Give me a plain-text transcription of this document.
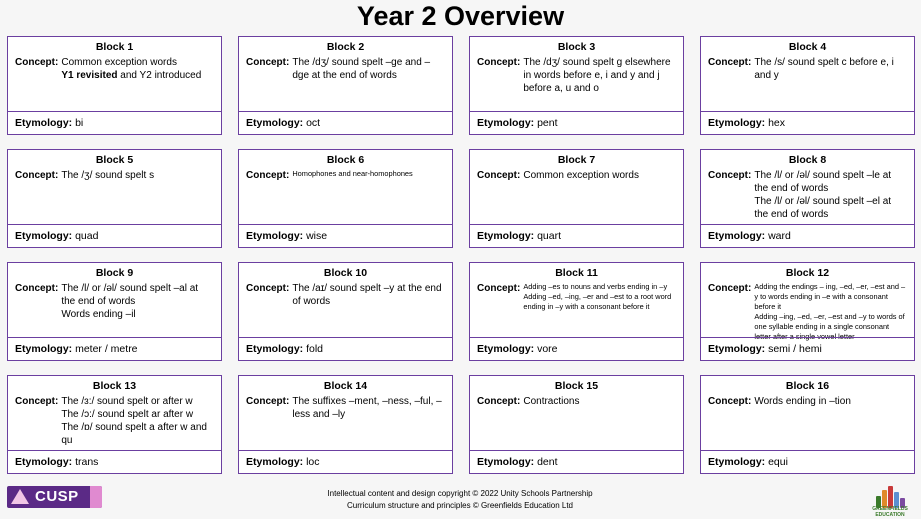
Year 2 Overview
Block 1
Concept: Common exception words
Y1 revisited and Y2 introduced
Etymology: bi
Block 2
Concept: The /dʒ/ sound spelt –ge and –dge at the end of words
Etymology: oct
Block 3
Concept: The /dʒ/ sound spelt g elsewhere in words before e, i and y and j before a, u and o
Etymology: pent
Block 4
Concept: The /s/ sound spelt c before e, i and y
Etymology: hex
Block 5
Concept: The /ʒ/ sound spelt s
Etymology: quad
Block 6
Concept: Homophones and near-homophones
Etymology: wise
Block 7
Concept: Common exception words
Etymology: quart
Block 8
Concept: The /l/ or /əl/ sound spelt –le at the end of words
The /l/ or /əl/ sound spelt –el at the end of words
Etymology: ward
Block 9
Concept: The /l/ or /əl/ sound spelt –al at the end of words
Words ending –il
Etymology: meter / metre
Block 10
Concept: The /aɪ/ sound spelt –y at the end of words
Etymology: fold
Block 11
Concept: Adding –es to nouns and verbs ending in –y
Adding –ed, –ing, –er and –est to a root word ending in –y with a consonant before it
Etymology: vore
Block 12
Concept: Adding the endings – ing, –ed, –er, –est and –y to words ending in –e with a consonant before it
Adding –ing, –ed, –er, –est and –y to words of one syllable ending in a single consonant letter after a single vowel letter
Etymology: semi / hemi
Block 13
Concept: The /ɜ:/ sound spelt or after w
The /ɔ:/ sound spelt ar after w
The /ɒ/ sound spelt a after w and qu
Etymology: trans
Block 14
Concept: The suffixes –ment, –ness, –ful, –less and –ly
Etymology: loc
Block 15
Concept: Contractions
Etymology: dent
Block 16
Concept: Words ending in –tion
Etymology: equi
CUSP	Intellectual content and design copyright © 2022 Unity Schools Partnership
Curriculum structure and principles © Greenfields Education Ltd	GREENFIELDS EDUCATION
